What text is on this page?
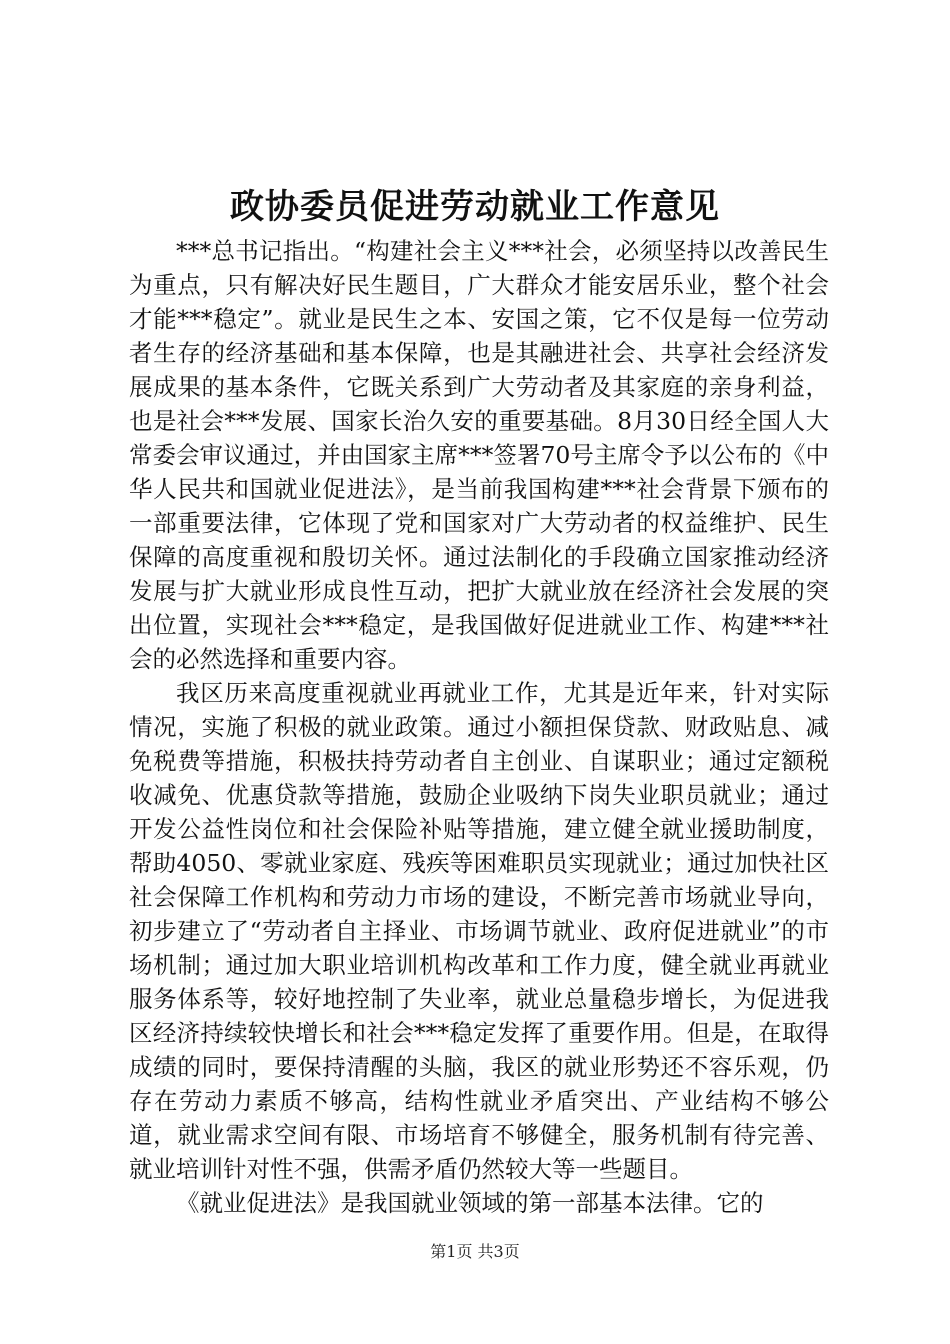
政协委员促进劳动就业工作意见

***总书记指出。“构建社会主义***社会，必须坚持以改善民生为重点，只有解决好民生题目，广大群众才能安居乐业，整个社会才能***稳定”。就业是民生之本、安国之策，它不仅是每一位劳动者生存的经济基础和基本保障，也是其融进社会、共享社会经济发展成果的基本条件，它既关系到广大劳动者及其家庭的亲身利益，也是社会***发展、国家长治久安的重要基础。8月30日经全国人大常委会审议通过，并由国家主席***签署70号主席令予以公布的《中华人民共和国就业促进法》，是当前我国构建***社会背景下颁布的一部重要法律，它体现了党和国家对广大劳动者的权益维护、民生保障的高度重视和殷切关怀。通过法制化的手段确立国家推动经济发展与扩大就业形成良性互动，把扩大就业放在经济社会发展的突出位置，实现社会***稳定，是我国做好促进就业工作、构建***社会的必然选择和重要内容。

我区历来高度重视就业再就业工作，尤其是近年来，针对实际情况，实施了积极的就业政策。通过小额担保贷款、财政贴息、减免税费等措施，积极扶持劳动者自主创业、自谋职业；通过定额税收减免、优惠贷款等措施，鼓励企业吸纳下岗失业职员就业；通过开发公益性岗位和社会保险补贴等措施，建立健全就业援助制度，帮助4050、零就业家庭、残疾等困难职员实现就业；通过加快社区社会保障工作机构和劳动力市场的建设，不断完善市场就业导向，初步建立了“劳动者自主择业、市场调节就业、政府促进就业”的市场机制；通过加大职业培训机构改革和工作力度，健全就业再就业服务体系等，较好地控制了失业率，就业总量稳步增长，为促进我区经济持续较快增长和社会***稳定发挥了重要作用。但是，在取得成绩的同时，要保持清醒的头脑，我区的就业形势还不容乐观，仍存在劳动力素质不够高，结构性就业矛盾突出、产业结构不够公道，就业需求空间有限、市场培育不够健全，服务机制有待完善、就业培训针对性不强，供需矛盾仍然较大等一些题目。

《就业促进法》是我国就业领域的第一部基本法律。它的

第1页 共3页
